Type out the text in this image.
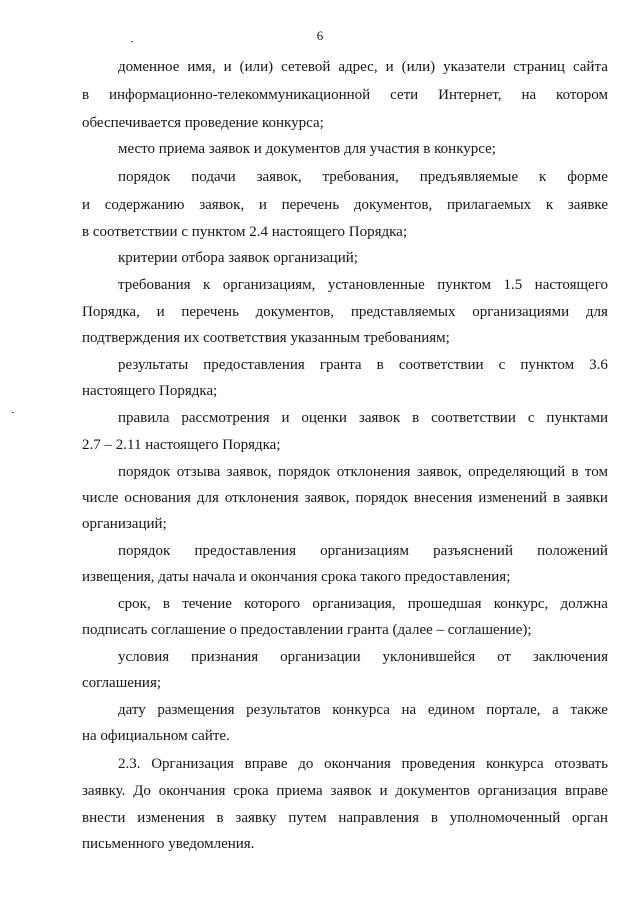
6
доменное имя, и (или) сетевой адрес, и (или) указатели страниц сайта
в информационно-телекоммуникационной сети Интернет, на котором
обеспечивается проведение конкурса;
место приема заявок и документов для участия в конкурсе;
порядок подачи заявок, требования, предъявляемые к форме
и содержанию заявок, и перечень документов, прилагаемых к заявке
в соответствии с пунктом 2.4 настоящего Порядка;
критерии отбора заявок организаций;
требования к организациям, установленные пунктом 1.5 настоящего
Порядка, и перечень документов, представляемых организациями для
подтверждения их соответствия указанным требованиям;
результаты предоставления гранта в соответствии с пунктом 3.6
настоящего Порядка;
правила рассмотрения и оценки заявок в соответствии с пунктами
2.7 – 2.11 настоящего Порядка;
порядок отзыва заявок, порядок отклонения заявок, определяющий в том
числе основания для отклонения заявок, порядок внесения изменений в заявки
организаций;
порядок предоставления организациям разъяснений положений
извещения, даты начала и окончания срока такого предоставления;
срок, в течение которого организация, прошедшая конкурс, должна
подписать соглашение о предоставлении гранта (далее – соглашение);
условия признания организации уклонившейся от заключения
соглашения;
дату размещения результатов конкурса на едином портале, а также
на официальном сайте.
2.3. Организация вправе до окончания проведения конкурса отозвать
заявку. До окончания срока приема заявок и документов организация вправе
внести изменения в заявку путем направления в уполномоченный орган
письменного уведомления.
